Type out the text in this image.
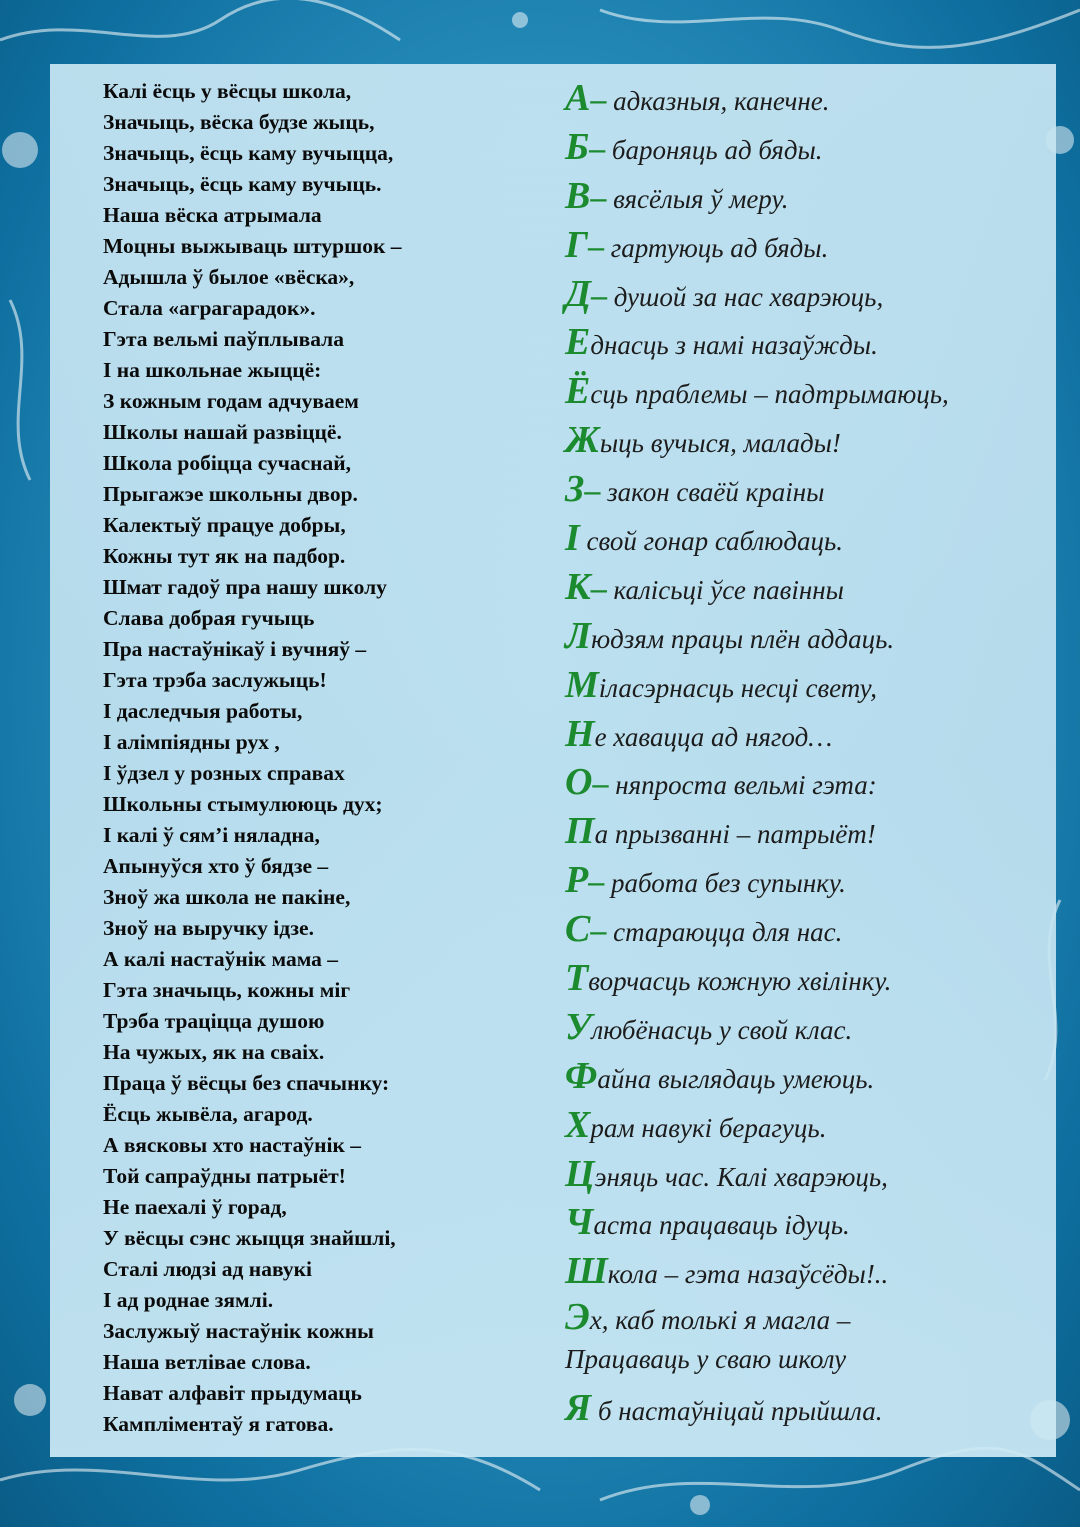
Калі ёсць у вёсцы школа,
Значыць, вёска будзе жыць,
Значыць, ёсць каму вучыцца,
Значыць, ёсць каму вучыць.
Наша вёска атрымала
Моцны выжываць штуршок –
Адышла ў былое «вёска»,
Стала «аграгарадок».
Гэта вельмі паўплывала
І на школьнае жыццё:
З кожным годам адчуваем
Школы нашай развіццё.
Школа робіцца сучаснай,
Прыгажэе школьны двор.
Калектыў працуе добры,
Кожны тут як на падбор.
Шмат гадоў пра нашу школу
Слава добрая гучыць
Пра настаўнікаў і вучняў –
Гэта трэба заслужыць!
І даследчыя работы,
І алімпіядны рух ,
І ўдзел у розных справах
Школьны стымулююць дух;
І калі ў сям’і няладна,
Апынуўся хто ў бядзе –
Зноў жа школа не пакіне,
Зноў на выручку ідзе.
А калі настаўнік мама –
Гэта значыць, кожны міг
Трэба траціцца душою
На чужых, як на сваіх.
Праца ў вёсцы без спачынку:
Ёсць жывёла, агарод.
А вясковы хто настаўнік –
Той сапраўдны патрыёт!
Не паехалі ў горад,
У вёсцы сэнс жыцця знайшлі,
Сталі людзі ад навукі
І ад роднае зямлі.
Заслужыў настаўнік кожны
Наша ветлівае слова.
Нават алфавіт прыдумаць
Кампліментаў я гатова.
А– адказныя, канечне.
Б– бароняць ад бяды.
В– вясёлыя ў меру.
Г– гартуюць ад бяды.
Д– душой за нас хварэюць,
Еднасць з намі назаўжды.
Ёсць праблемы – падтрымаюць,
Жыць вучыся, малады!
З– закон сваёй краіны
І свой гонар саблюдаць.
К– калісьці ўсе павінны
Людзям працы плён аддаць.
Міласэрнасць несці свету,
Не хавацца ад нягод…
О– няпроста вельмі гэта:
Па прызванні – патрыёт!
Р– работа без супынку.
С– стараюцца для нас.
Творчасць кожную хвілінку.
Улюбёнасць у свой клас.
Файна выглядаць умеюць.
Храм навукі берагуць.
Цэняць час. Калі хварэюць,
Часта працаваць ідуць.
Школа – гэта назаўсёды!..
Эх, каб толькі я магла –
Працаваць у сваю школу
Я б настаўніцай прыйшла.
